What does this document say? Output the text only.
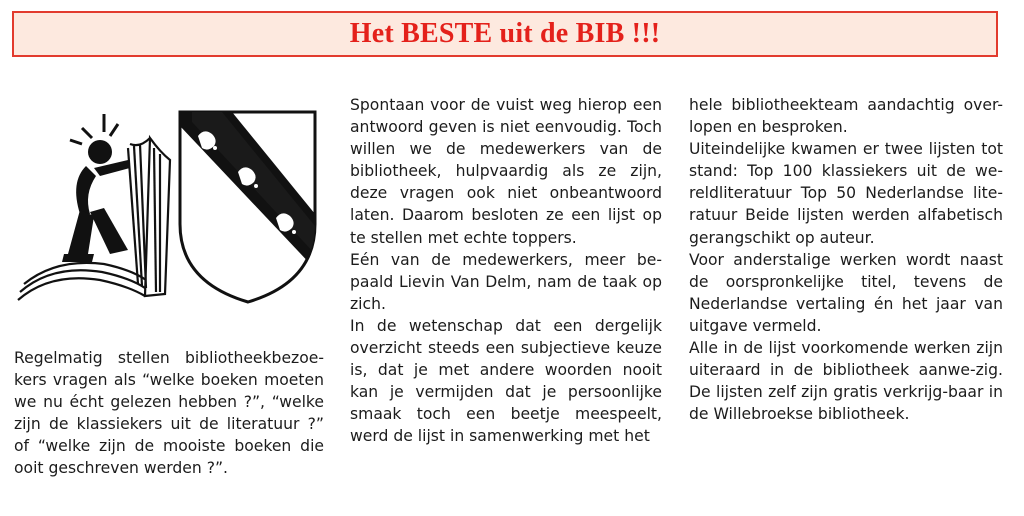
Het BESTE uit de BIB !!!

Regelmatig stellen bibliotheekbezoe-kers vragen als “welke boeken moeten we nu écht gelezen hebben ?”, “welke zijn de klassiekers uit de literatuur ?” of “welke zijn de mooiste boeken die ooit geschreven werden ?”.

Spontaan voor de vuist weg hierop een antwoord geven is niet eenvoudig. Toch willen we de medewerkers van de bibliotheek, hulpvaardig als ze zijn, deze vragen ook niet onbeantwoord laten. Daarom besloten ze een lijst op te stellen met echte toppers.

Eén van de medewerkers, meer be-paald Lievin Van Delm, nam de taak op zich.

In de wetenschap dat een dergelijk overzicht steeds een subjectieve keuze is, dat je met andere woorden nooit kan je vermijden dat je persoonlijke smaak toch een beetje meespeelt, werd de lijst in samenwerking met het

hele bibliotheekteam aandachtig over-lopen en besproken.

Uiteindelijke kwamen er twee lijsten tot stand: Top 100 klassiekers uit de we-reldliteratuur Top 50 Nederlandse lite-ratuur Beide lijsten werden alfabetisch gerangschikt op auteur.

Voor anderstalige werken wordt naast de oorspronkelijke titel, tevens de Nederlandse vertaling én het jaar van uitgave vermeld.

Alle in de lijst voorkomende werken zijn uiteraard in de bibliotheek aanwe-zig. De lijsten zelf zijn gratis verkrijg-baar in de Willebroekse bibliotheek.
